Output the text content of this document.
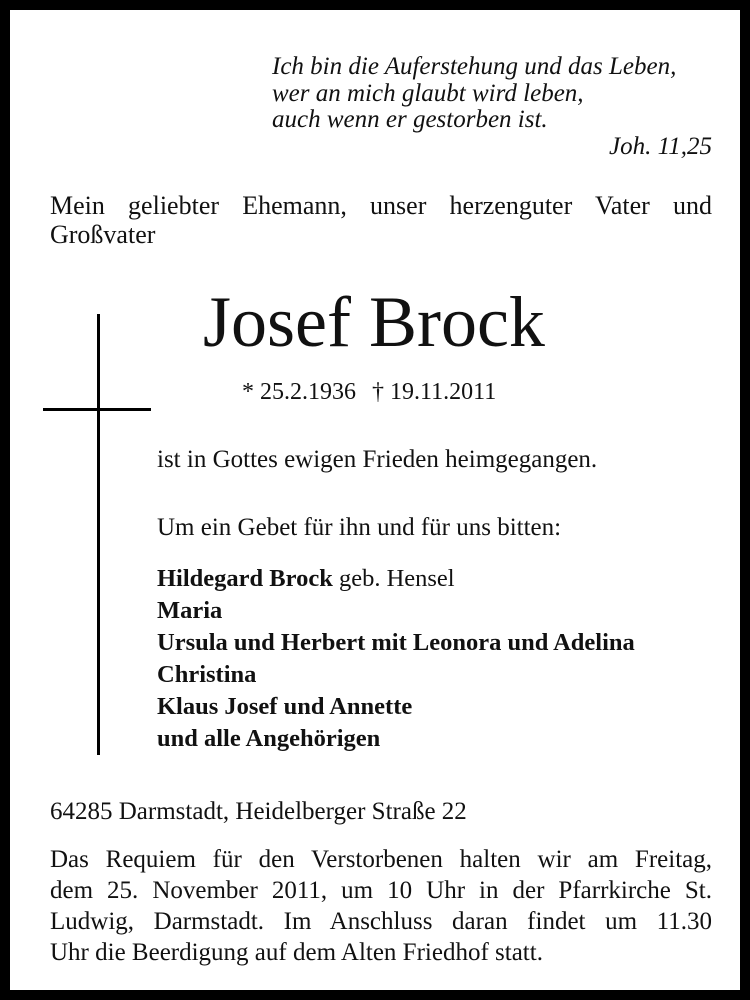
Ich bin die Auferstehung und das Leben,
wer an mich glaubt wird leben,
auch wenn er gestorben ist.
Joh. 11,25
Mein geliebter Ehemann, unser herzenguter Vater und
Großvater
Josef Brock
* 25.2.1936 † 19.11.2011

ist in Gottes ewigen Frieden heimgegangen.

Um ein Gebet für ihn und für uns bitten:

Hildegard Brock geb. Hensel
Maria
Ursula und Herbert mit Leonora und Adelina
Christina
Klaus Josef und Annette
und alle Angehörigen

64285 Darmstadt, Heidelberger Straße 22

Das Requiem für den Verstorbenen halten wir am Freitag,
dem 25. November 2011, um 10 Uhr in der Pfarrkirche St.
Ludwig, Darmstadt. Im Anschluss daran findet um 11.30
Uhr die Beerdigung auf dem Alten Friedhof statt.
